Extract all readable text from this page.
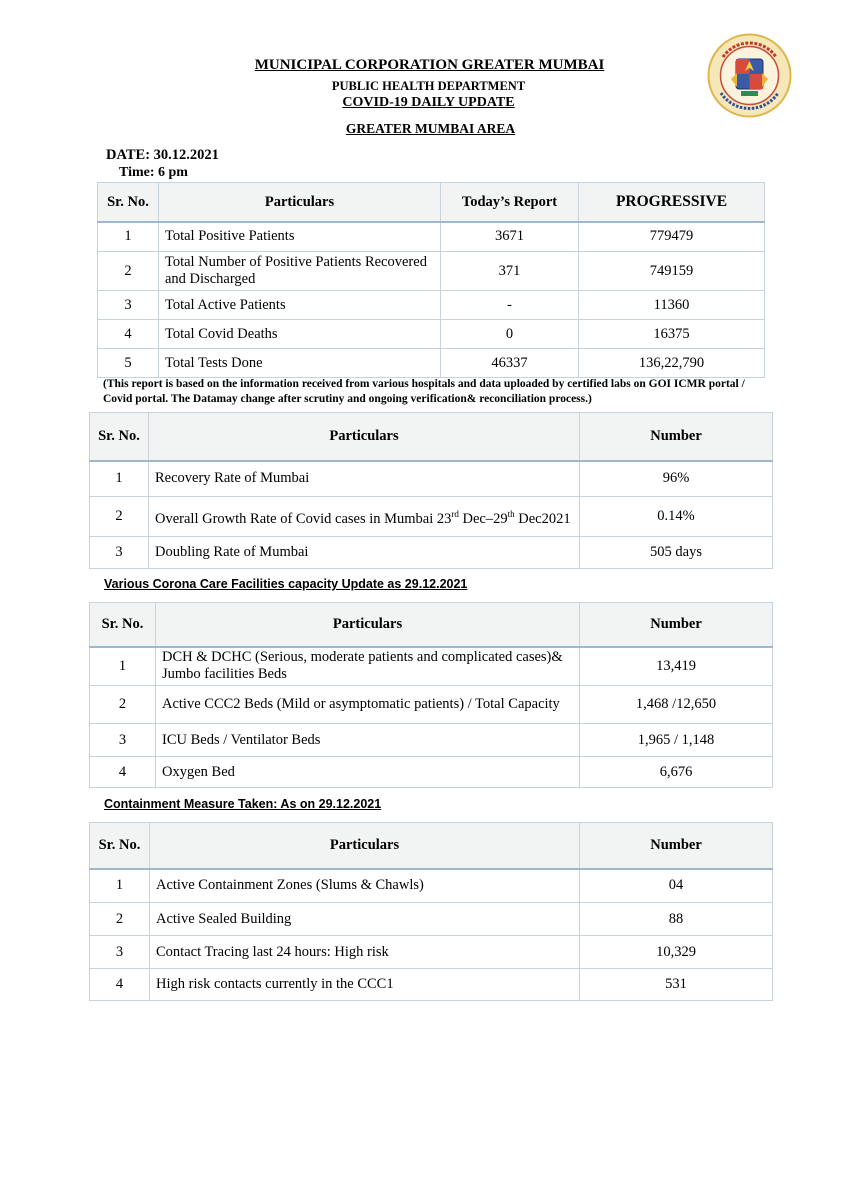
MUNICIPAL CORPORATION GREATER MUMBAI
PUBLIC HEALTH DEPARTMENT
COVID-19 DAILY UPDATE
GREATER MUMBAI AREA
DATE: 30.12.2021
Time: 6 pm
Sr. No.	Particulars	Today’s Report	PROGRESSIVE
1	Total Positive Patients	3671	779479
2	Total Number of Positive Patients Recovered and Discharged	371	749159
3	Total Active Patients	-	11360
4	Total Covid Deaths	0	16375
5	Total Tests Done	46337	136,22,790
(This report is based on the information received from various hospitals and data uploaded by certified labs on GOI ICMR portal / Covid portal. The Datamay change after scrutiny and ongoing verification& reconciliation process.)
Sr. No.	Particulars	Number
1	Recovery Rate of Mumbai	96%
2	Overall Growth Rate of Covid cases in Mumbai 23rd Dec–29th Dec2021	0.14%
3	Doubling Rate of Mumbai	505 days
Various Corona Care Facilities capacity Update as 29.12.2021
Sr. No.	Particulars	Number
1	DCH & DCHC (Serious, moderate patients and complicated cases)& Jumbo facilities Beds	13,419
2	Active CCC2 Beds (Mild or asymptomatic patients) / Total Capacity	1,468 /12,650
3	ICU Beds / Ventilator Beds	1,965 / 1,148
4	Oxygen Bed	6,676
Containment Measure Taken: As on 29.12.2021
Sr. No.	Particulars	Number
1	Active Containment Zones (Slums & Chawls)	04
2	Active Sealed Building	88
3	Contact Tracing last 24 hours: High risk	10,329
4	High risk contacts currently in the CCC1	531
